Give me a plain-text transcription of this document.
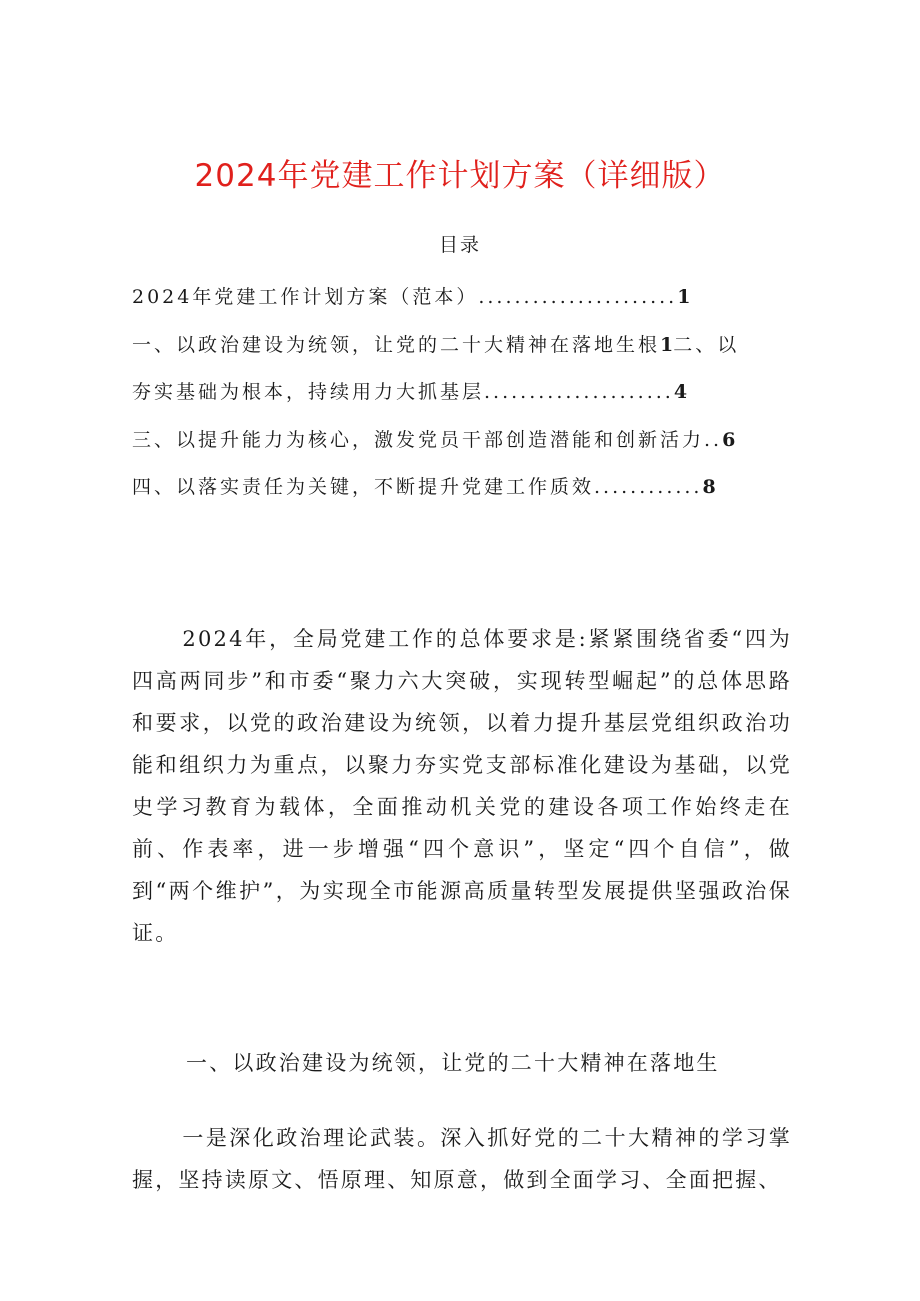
2024年党建工作计划方案（详细版）
目录
2024年党建工作计划方案（范本）......................1
一、以政治建设为统领，让党的二十大精神在落地生根1二、以
夯实基础为根本，持续用力大抓基层.....................4
三、以提升能力为核心，激发党员干部创造潜能和创新活力..6
四、以落实责任为关键，不断提升党建工作质效............8

2024年，全局党建工作的总体要求是:紧紧围绕省委“四为四高两同步”和市委“聚力六大突破，实现转型崛起”的总体思路和要求，以党的政治建设为统领，以着力提升基层党组织政治功能和组织力为重点，以聚力夯实党支部标准化建设为基础，以党史学习教育为载体，全面推动机关党的建设各项工作始终走在前、作表率，进一步增强“四个意识”，坚定“四个自信”，做到“两个维护”，为实现全市能源高质量转型发展提供坚强政治保证。

一、以政治建设为统领，让党的二十大精神在落地生

一是深化政治理论武装。深入抓好党的二十大精神的学习掌握，坚持读原文、悟原理、知原意，做到全面学习、全面把握、
